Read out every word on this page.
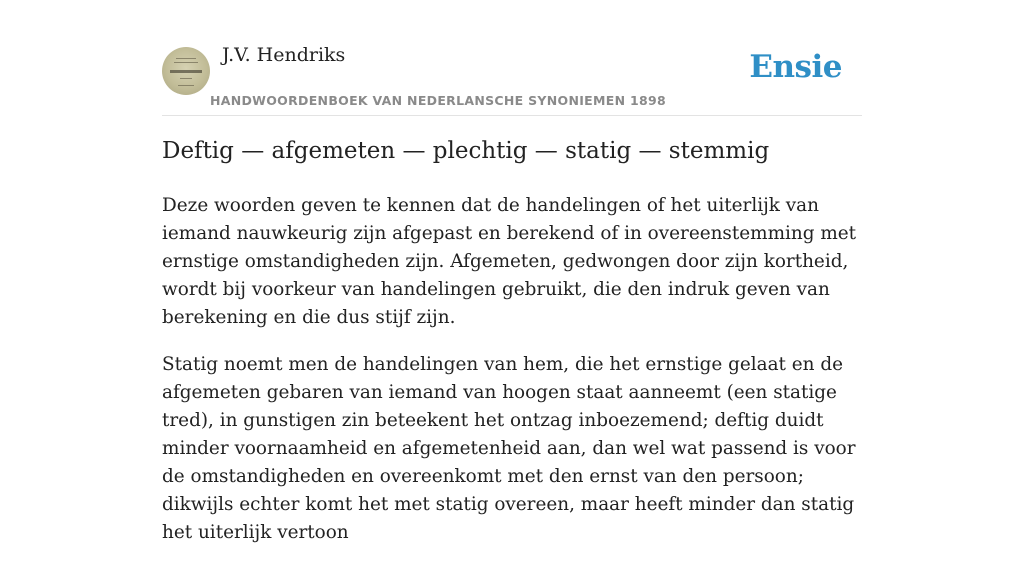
J.V. Hendriks
HANDWOORDENBOEK VAN NEDERLANSCHE SYNONIEMEN 1898
Ensie
Deftig — afgemeten — plechtig — statig — stemmig

Deze woorden geven te kennen dat de handelingen of het uiterlijk van iemand nauwkeurig zijn afgepast en berekend of in overeenstemming met ernstige omstandigheden zijn. Afgemeten, gedwongen door zijn kortheid, wordt bij voorkeur van handelingen gebruikt, die den indruk geven van berekening en die dus stijf zijn.

Statig noemt men de handelingen van hem, die het ernstige gelaat en de afgemeten gebaren van iemand van hoogen staat aanneemt (een statige tred), in gunstigen zin beteekent het ontzag inboezemend; deftig duidt minder voornaamheid en afgemetenheid aan, dan wel wat passend is voor de omstandigheden en overeenkomt met den ernst van den persoon; dikwijls echter komt het met statig overeen, maar heeft minder dan statig het uiterlijk vertoon
